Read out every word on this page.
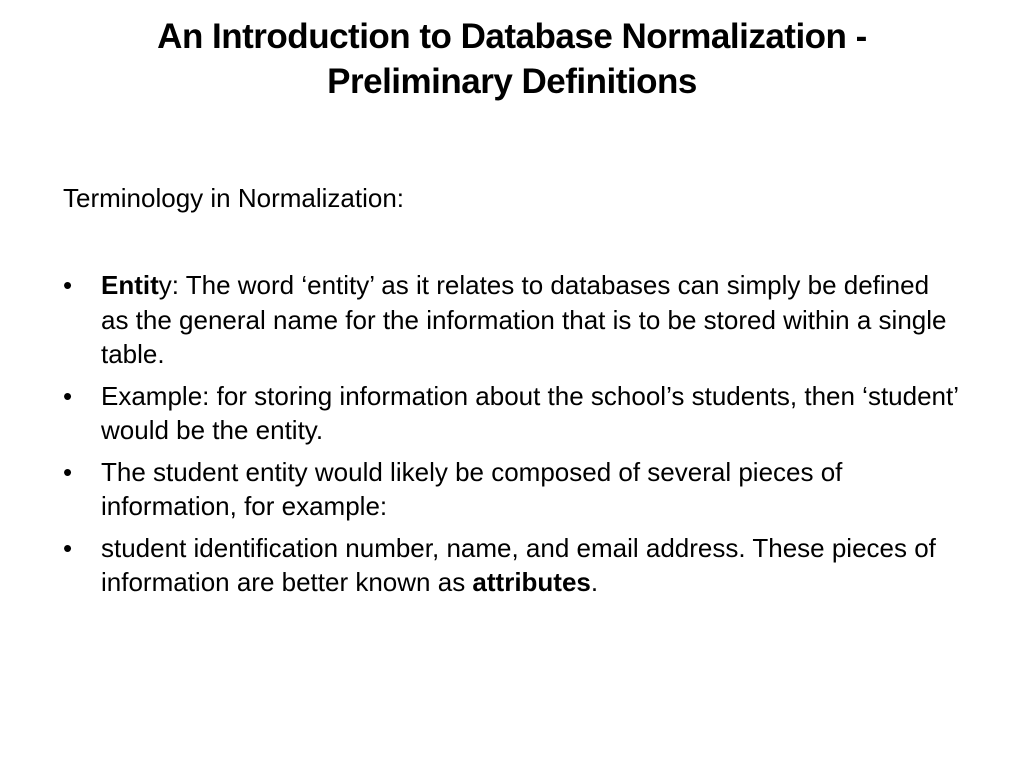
An Introduction to Database Normalization -
Preliminary Definitions
Terminology in Normalization:
•
Entity: The word ‘entity’ as it relates to databases can simply be defined as the general name for the information that is to be stored within a single table.
•
Example: for storing information about the school’s students, then ‘student’ would be the entity.
•
The student entity would likely be composed of several pieces of information, for example:
•
student identification number, name, and email address. These pieces of information are better known as attributes.
